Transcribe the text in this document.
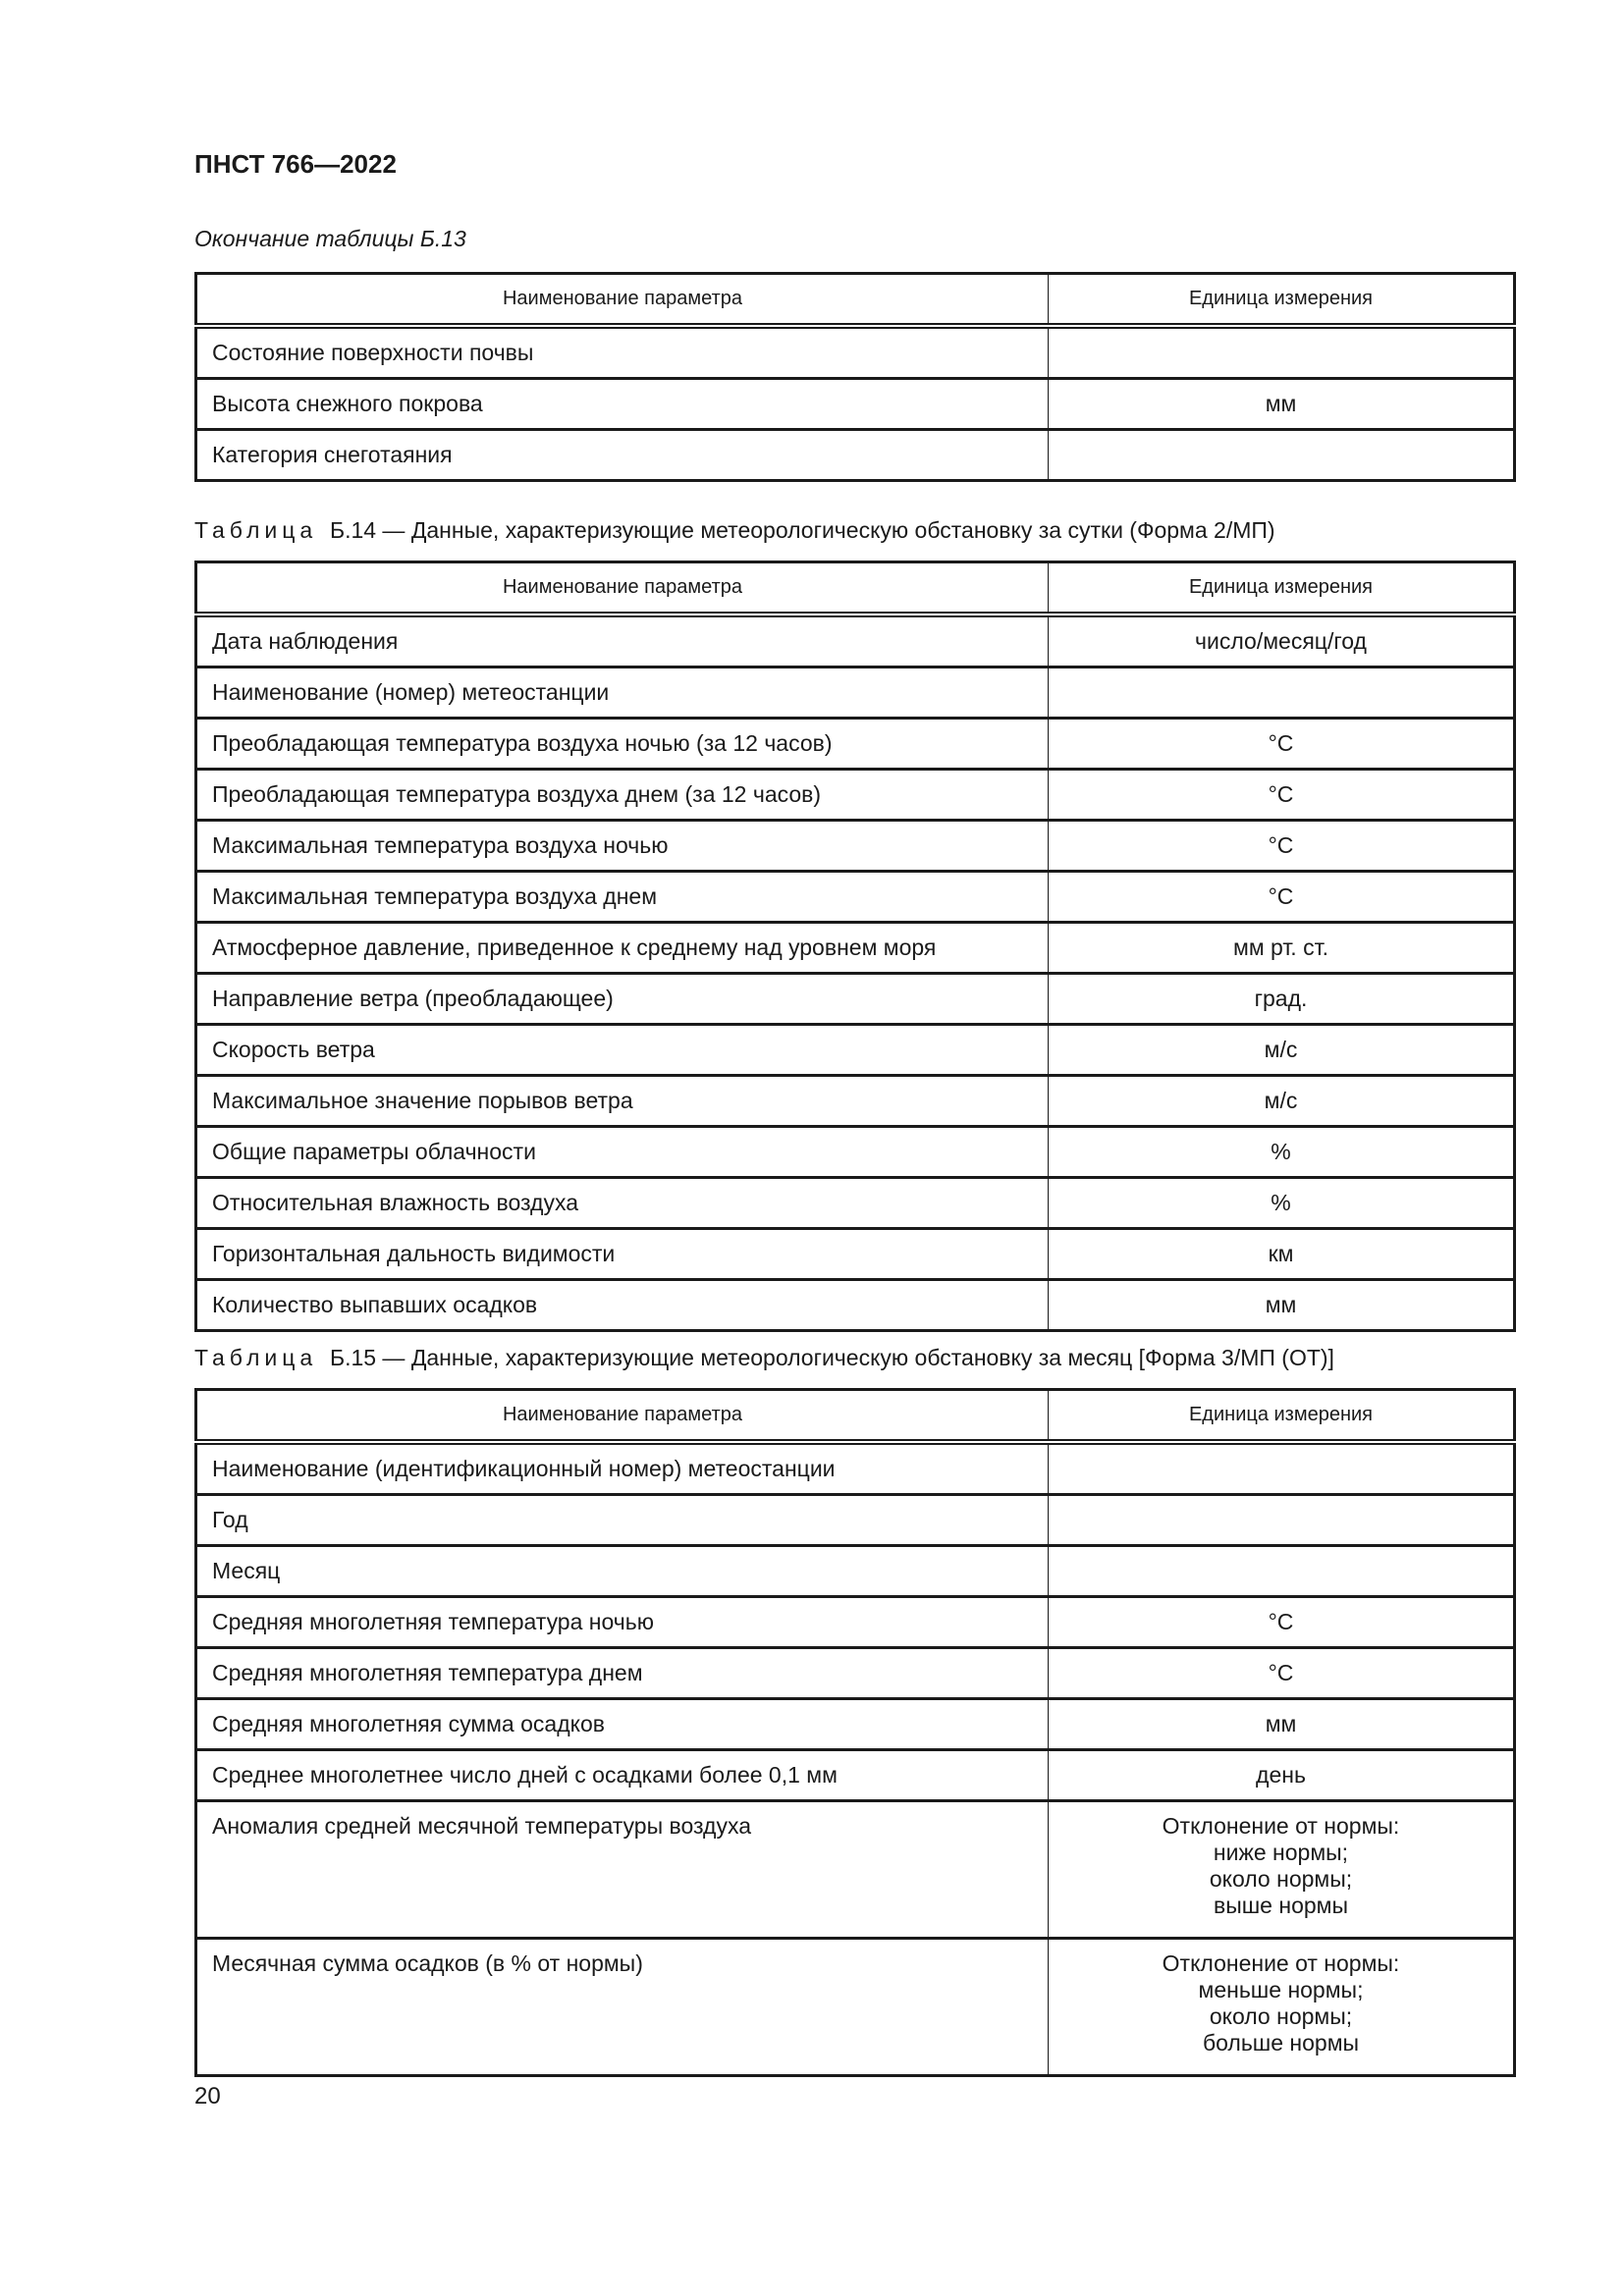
ПНСТ 766—2022
Окончание таблицы Б.13
Наименование параметра	Единица измерения
Состояние поверхности почвы	
Высота снежного покрова	мм
Категория снеготаяния	
Таблица Б.14 — Данные, характеризующие метеорологическую обстановку за сутки (Форма 2/МП)
Наименование параметра	Единица измерения
Дата наблюдения	число/месяц/год
Наименование (номер) метеостанции	
Преобладающая температура воздуха ночью (за 12 часов)	°С
Преобладающая температура воздуха днем (за 12 часов)	°С
Максимальная температура воздуха ночью	°С
Максимальная температура воздуха днем	°С
Атмосферное давление, приведенное к среднему над уровнем моря	мм рт. ст.
Направление ветра (преобладающее)	град.
Скорость ветра	м/с
Максимальное значение порывов ветра	м/с
Общие параметры облачности	%
Относительная влажность воздуха	%
Горизонтальная дальность видимости	км
Количество выпавших осадков	мм
Таблица Б.15 — Данные, характеризующие метеорологическую обстановку за месяц [Форма 3/МП (ОТ)]
Наименование параметра	Единица измерения
Наименование (идентификационный номер) метеостанции	
Год	
Месяц	
Средняя многолетняя температура ночью	°С
Средняя многолетняя температура днем	°С
Средняя многолетняя сумма осадков	мм
Среднее многолетнее число дней с осадками более 0,1 мм	день
Аномалия средней месячной температуры воздуха	Отклонение от нормы:
ниже нормы;
около нормы;
выше нормы
Месячная сумма осадков (в % от нормы)	Отклонение от нормы:
меньше нормы;
около нормы;
больше нормы
20
